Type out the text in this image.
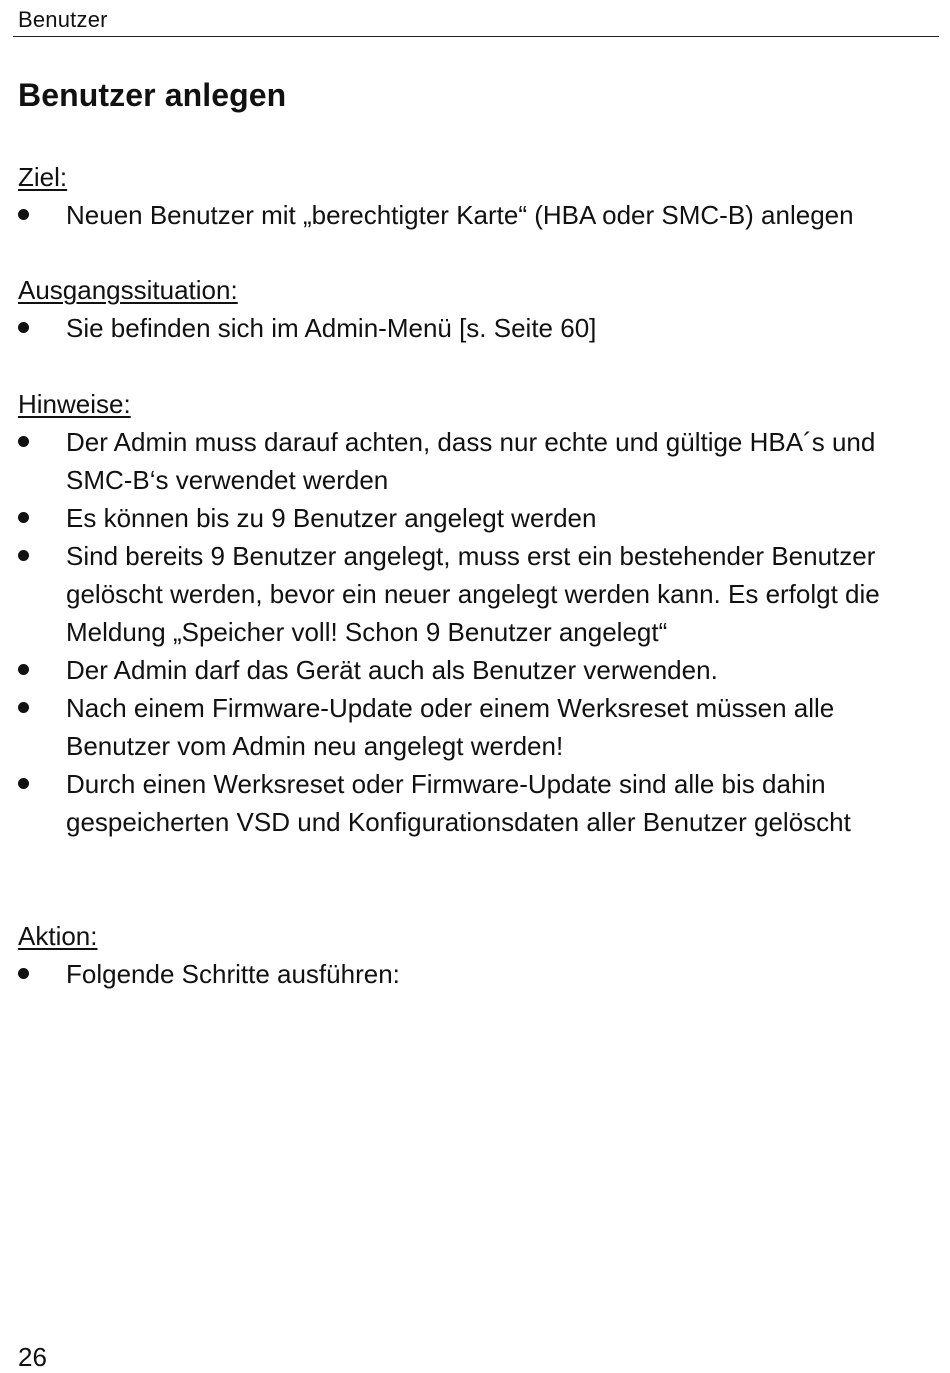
Benutzer
Benutzer anlegen
Ziel:
Neuen Benutzer mit „berechtigter Karte“ (HBA oder SMC-B) anlegen
Ausgangssituation:
Sie befinden sich im Admin-Menü [s. Seite 60]
Hinweise:
Der Admin muss darauf achten, dass nur echte und gültige HBA´s und SMC-B‘s verwendet werden
Es können bis zu 9 Benutzer angelegt werden
Sind bereits 9 Benutzer angelegt, muss erst ein bestehender Benutzer gelöscht werden, bevor ein neuer angelegt werden kann. Es erfolgt die Meldung „Speicher voll! Schon 9 Benutzer angelegt“
Der Admin darf das Gerät auch als Benutzer verwenden.
Nach einem Firmware-Update oder einem Werksreset müssen alle Benutzer vom Admin neu angelegt werden!
Durch einen Werksreset oder Firmware-Update sind alle bis dahin gespeicherten VSD und Konfigurationsdaten aller Benutzer gelöscht
Aktion:
Folgende Schritte ausführen:
26
